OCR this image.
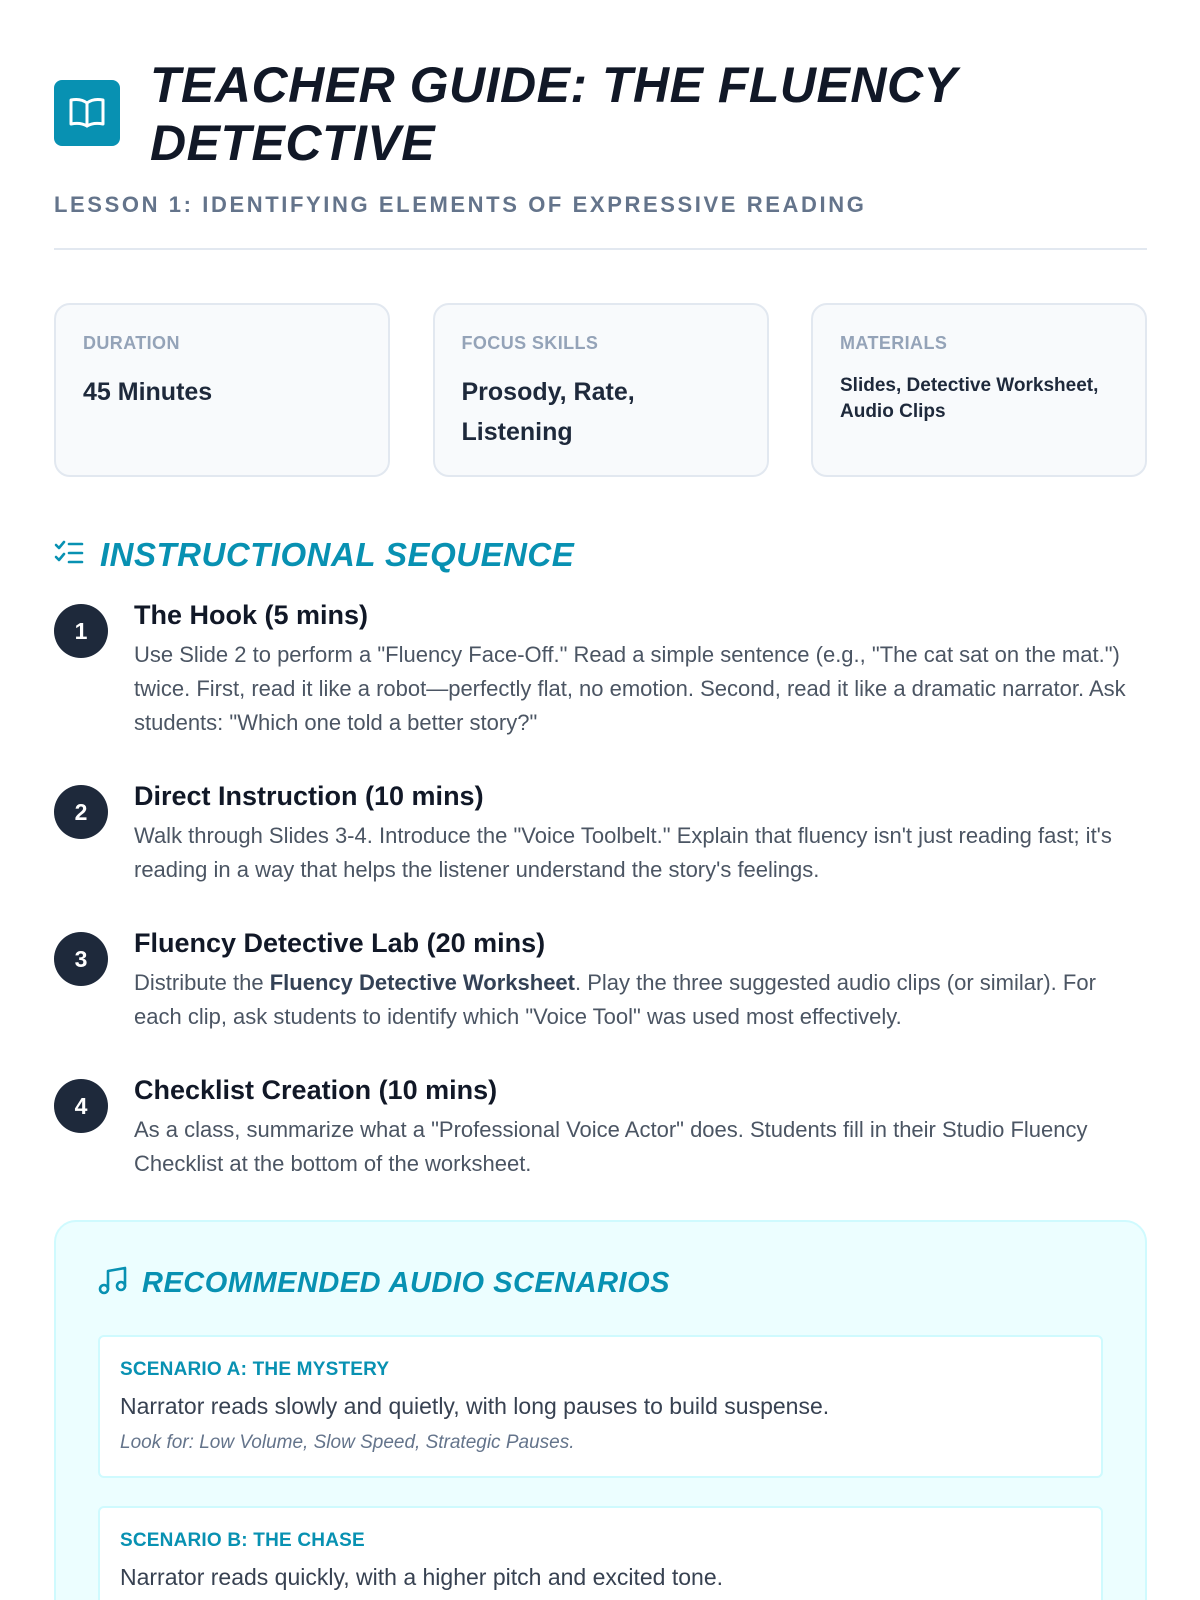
TEACHER GUIDE: THE FLUENCY DETECTIVE
LESSON 1: IDENTIFYING ELEMENTS OF EXPRESSIVE READING
DURATION
45 Minutes
FOCUS SKILLS
Prosody, Rate, Listening
MATERIALS
Slides, Detective Worksheet, Audio Clips
INSTRUCTIONAL SEQUENCE
1
The Hook (5 mins)
Use Slide 2 to perform a "Fluency Face-Off." Read a simple sentence (e.g., "The cat sat on the mat.") twice. First, read it like a robot—perfectly flat, no emotion. Second, read it like a dramatic narrator. Ask students: "Which one told a better story?"
2
Direct Instruction (10 mins)
Walk through Slides 3-4. Introduce the "Voice Toolbelt." Explain that fluency isn't just reading fast; it's reading in a way that helps the listener understand the story's feelings.
3
Fluency Detective Lab (20 mins)
Distribute the Fluency Detective Worksheet. Play the three suggested audio clips (or similar). For each clip, ask students to identify which "Voice Tool" was used most effectively.
4
Checklist Creation (10 mins)
As a class, summarize what a "Professional Voice Actor" does. Students fill in their Studio Fluency Checklist at the bottom of the worksheet.
RECOMMENDED AUDIO SCENARIOS
SCENARIO A: THE MYSTERY
Narrator reads slowly and quietly, with long pauses to build suspense.
Look for: Low Volume, Slow Speed, Strategic Pauses.
SCENARIO B: THE CHASE
Narrator reads quickly, with a higher pitch and excited tone.
